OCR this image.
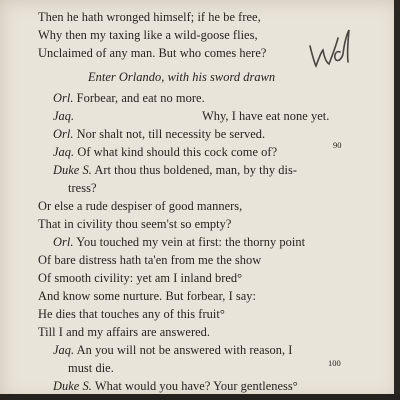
Then he hath wronged himself; if he be free,
Why then my taxing like a wild-goose flies,
Unclaimed of any man. But who comes here?
Enter Orlando, with his sword drawn
Orl. Forbear, and eat no more.
Jaq.	Why, I have eat none yet.
Orl. Nor shalt not, till necessity be served.
Jaq. Of what kind should this cock come of?	90
Duke S. Art thou thus boldened, man, by thy dis-
tress?
Or else a rude despiser of good manners,
That in civility thou seem'st so empty?
Orl. You touched my vein at first: the thorny point
Of bare distress hath ta'en from me the show
Of smooth civility: yet am I inland bred°
And know some nurture. But forbear, I say:
He dies that touches any of this fruit°
Till I and my affairs are answered.
Jaq. An you will not be answered with reason, I
must die.	100
Duke S. What would you have? Your gentleness°
